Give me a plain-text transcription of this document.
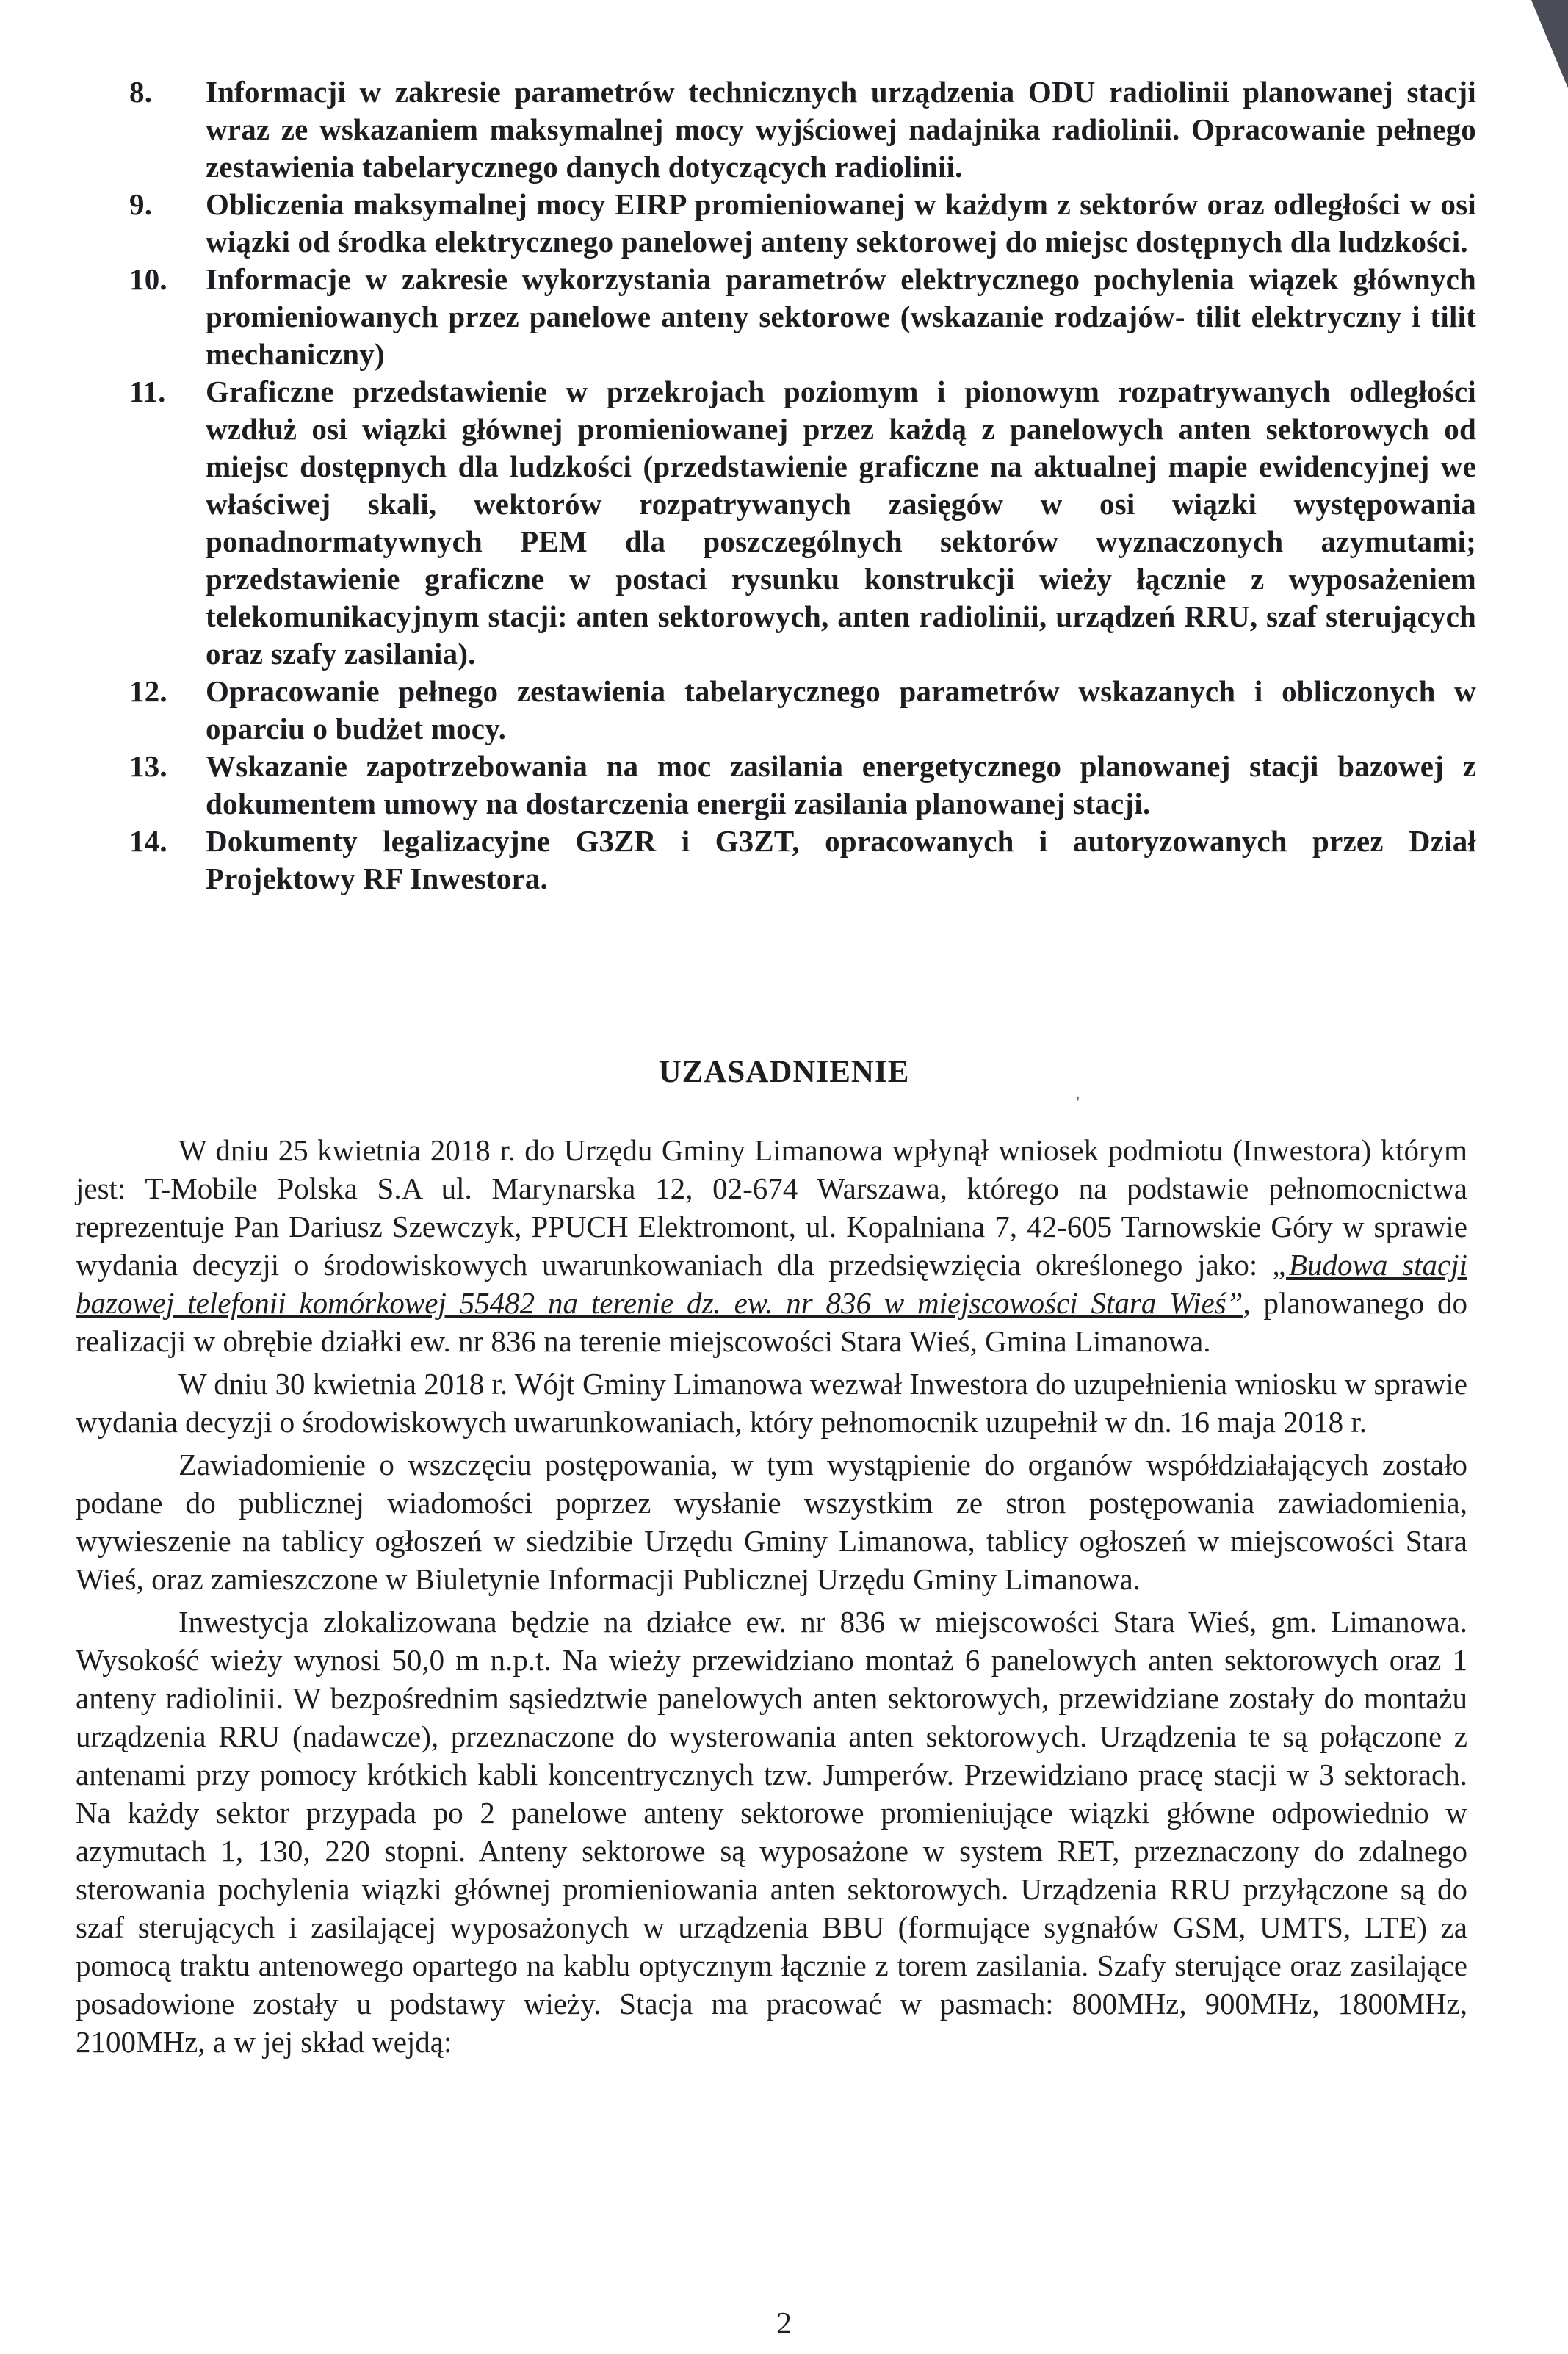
8.	Informacji w zakresie parametrów technicznych urządzenia ODU radiolinii planowanej stacji wraz ze wskazaniem maksymalnej mocy wyjściowej nadajnika radiolinii. Opracowanie pełnego zestawienia tabelarycznego danych dotyczących radiolinii.
9.	Obliczenia maksymalnej mocy EIRP promieniowanej w każdym z sektorów oraz odległości w osi wiązki od środka elektrycznego panelowej anteny sektorowej do miejsc dostępnych dla ludzkości.
10.	Informacje w zakresie wykorzystania parametrów elektrycznego pochylenia wiązek głównych promieniowanych przez panelowe anteny sektorowe (wskazanie rodzajów- tilit elektryczny i tilit mechaniczny)
11.	Graficzne przedstawienie w przekrojach poziomym i pionowym rozpatrywanych odległości wzdłuż osi wiązki głównej promieniowanej przez każdą z panelowych anten sektorowych od miejsc dostępnych dla ludzkości (przedstawienie graficzne na aktualnej mapie ewidencyjnej we właściwej skali, wektorów rozpatrywanych zasięgów w osi wiązki występowania ponadnormatywnych PEM dla poszczególnych sektorów wyznaczonych azymutami; przedstawienie graficzne w postaci rysunku konstrukcji wieży łącznie z wyposażeniem telekomunikacyjnym stacji: anten sektorowych, anten radiolinii, urządzeń RRU, szaf sterujących oraz szafy zasilania).
12.	Opracowanie pełnego zestawienia tabelarycznego parametrów wskazanych i obliczonych w oparciu o budżet mocy.
13.	Wskazanie zapotrzebowania na moc zasilania energetycznego planowanej stacji bazowej z dokumentem umowy na dostarczenia energii zasilania planowanej stacji.
14.	Dokumenty legalizacyjne G3ZR i G3ZT, opracowanych i autoryzowanych przez Dział Projektowy RF Inwestora.
UZASADNIENIE
'

W dniu 25 kwietnia 2018 r. do Urzędu Gminy Limanowa wpłynął wniosek podmiotu (Inwestora) którym jest: T-Mobile Polska S.A ul. Marynarska 12, 02-674 Warszawa, którego na podstawie pełnomocnictwa reprezentuje Pan Dariusz Szewczyk, PPUCH Elektromont, ul. Kopalniana 7, 42-605 Tarnowskie Góry w sprawie wydania decyzji o środowiskowych uwarunkowaniach dla przedsięwzięcia określonego jako: „Budowa stacji bazowej telefonii komórkowej 55482 na terenie dz. ew. nr 836 w miejscowości Stara Wieś”, planowanego do realizacji w obrębie działki ew. nr 836 na terenie miejscowości Stara Wieś, Gmina Limanowa.

W dniu 30 kwietnia 2018 r. Wójt Gminy Limanowa wezwał Inwestora do uzupełnienia wniosku w sprawie wydania decyzji o środowiskowych uwarunkowaniach, który pełnomocnik uzupełnił w dn. 16 maja 2018 r.

Zawiadomienie o wszczęciu postępowania, w tym wystąpienie do organów współdziałających zostało podane do publicznej wiadomości poprzez wysłanie wszystkim ze stron postępowania zawiadomienia, wywieszenie na tablicy ogłoszeń w siedzibie Urzędu Gminy Limanowa, tablicy ogłoszeń w miejscowości Stara Wieś, oraz zamieszczone w Biuletynie Informacji Publicznej Urzędu Gminy Limanowa.

Inwestycja zlokalizowana będzie na działce ew. nr 836 w miejscowości Stara Wieś, gm. Limanowa. Wysokość wieży wynosi 50,0 m n.p.t. Na wieży przewidziano montaż 6 panelowych anten sektorowych oraz 1 anteny radiolinii. W bezpośrednim sąsiedztwie panelowych anten sektorowych, przewidziane zostały do montażu urządzenia RRU (nadawcze), przeznaczone do wysterowania anten sektorowych. Urządzenia te są połączone z antenami przy pomocy krótkich kabli koncentrycznych tzw. Jumperów. Przewidziano pracę stacji w 3 sektorach. Na każdy sektor przypada po 2 panelowe anteny sektorowe promieniujące wiązki główne odpowiednio w azymutach 1, 130, 220 stopni. Anteny sektorowe są wyposażone w system RET, przeznaczony do zdalnego sterowania pochylenia wiązki głównej promieniowania anten sektorowych. Urządzenia RRU przyłączone są do szaf sterujących i zasilającej wyposażonych w urządzenia BBU (formujące sygnałów GSM, UMTS, LTE) za pomocą traktu antenowego opartego na kablu optycznym łącznie z torem zasilania. Szafy sterujące oraz zasilające posadowione zostały u podstawy wieży. Stacja ma pracować w pasmach: 800MHz, 900MHz, 1800MHz, 2100MHz, a w jej skład wejdą:

2
